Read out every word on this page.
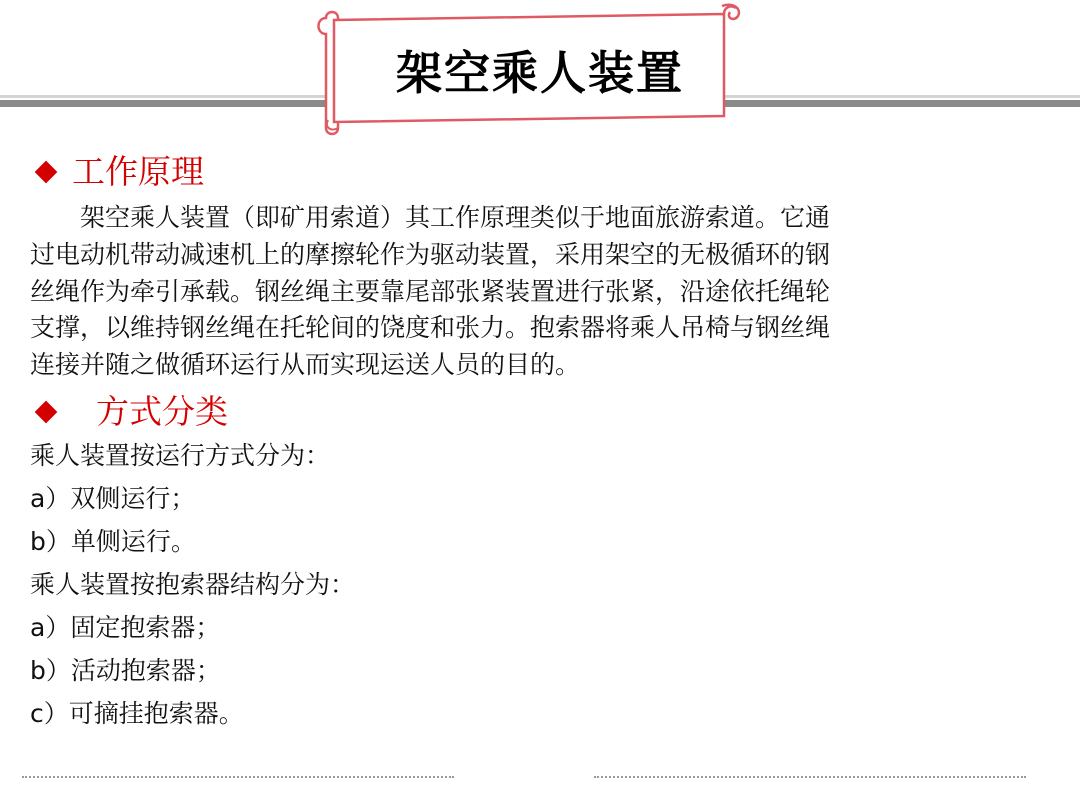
架空乘人装置
工作原理
　　架空乘人装置（即矿用索道）其工作原理类似于地面旅游索道。它通
过电动机带动减速机上的摩擦轮作为驱动装置，采用架空的无极循环的钢
丝绳作为牵引承载。钢丝绳主要靠尾部张紧装置进行张紧，沿途依托绳轮
支撑，以维持钢丝绳在托轮间的饶度和张力。抱索器将乘人吊椅与钢丝绳
连接并随之做循环运行从而实现运送人员的目的。
方式分类
乘人装置按运行方式分为：
a）双侧运行；
b）单侧运行。
乘人装置按抱索器结构分为：
a）固定抱索器；
b）活动抱索器；
c）可摘挂抱索器。
